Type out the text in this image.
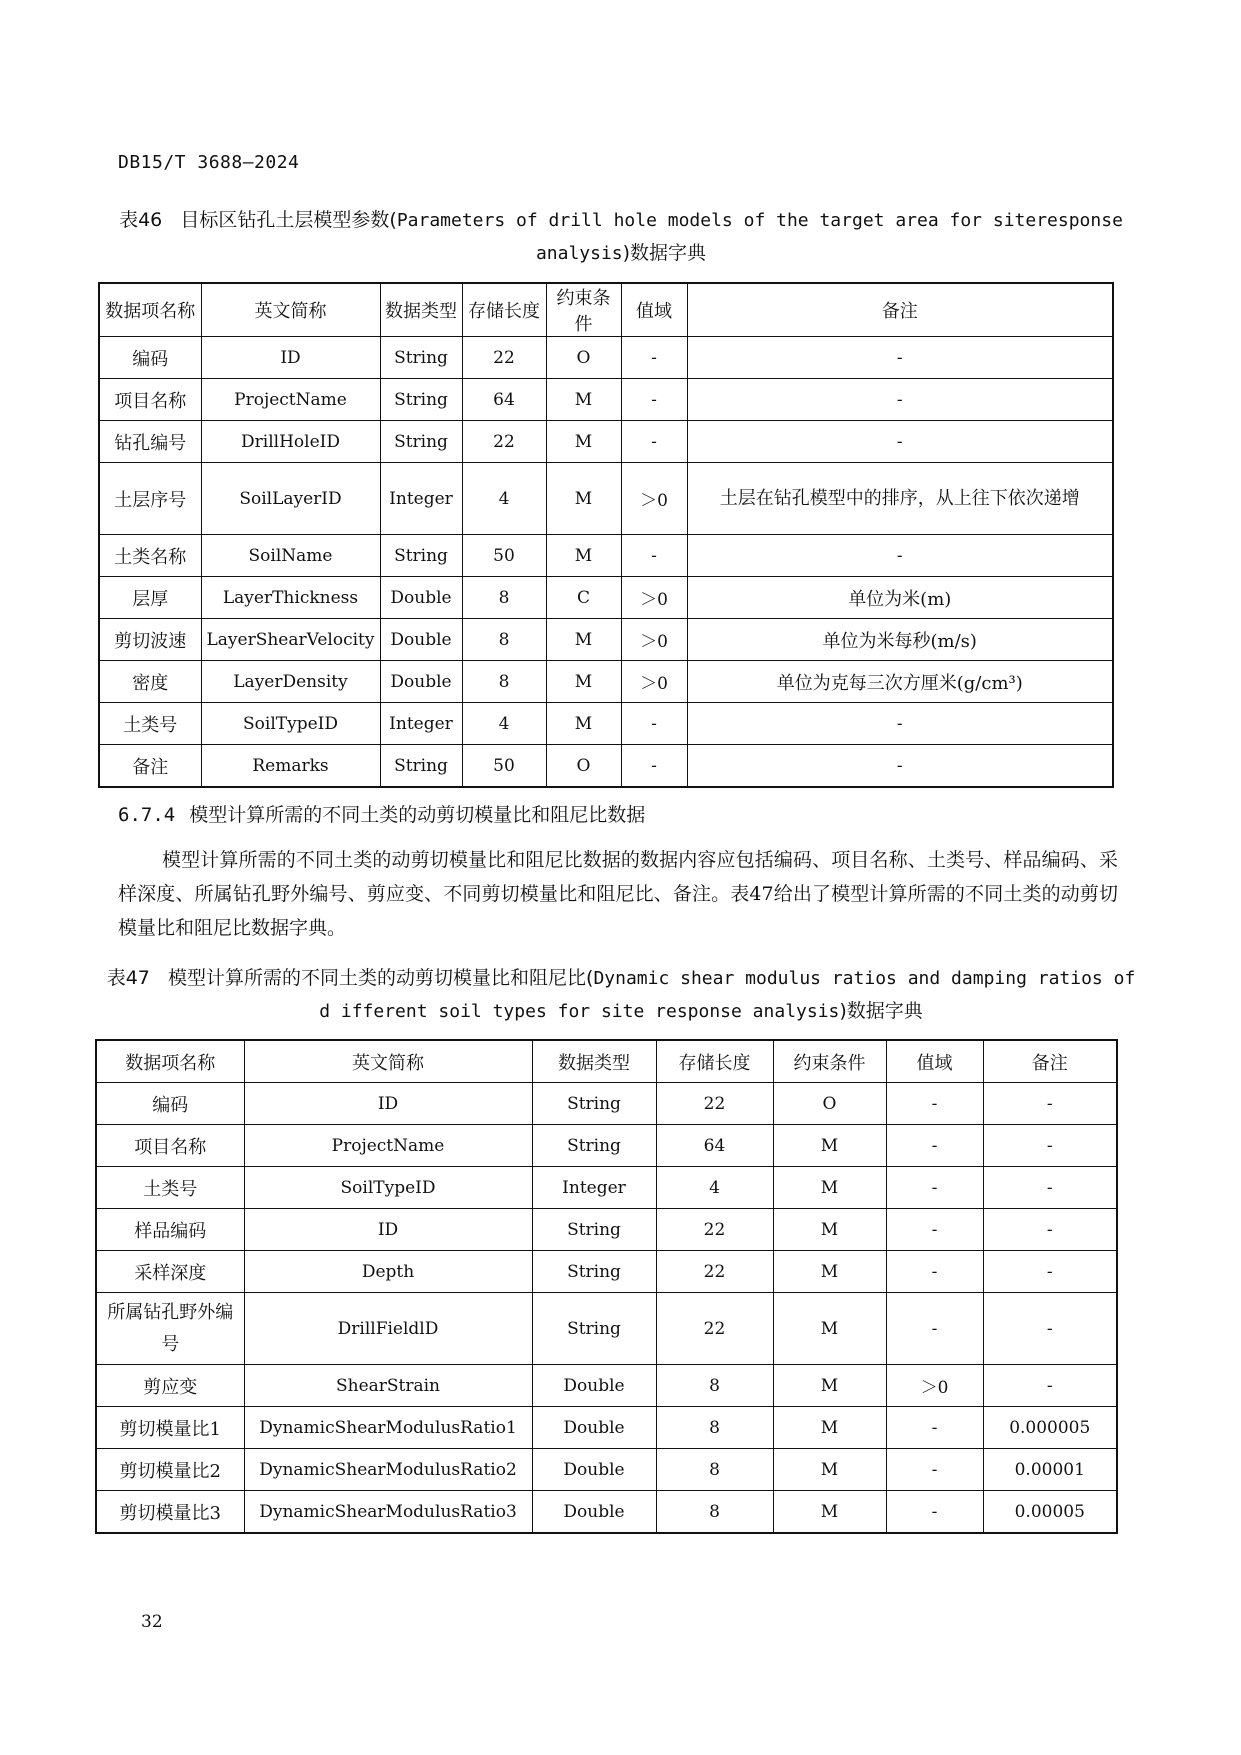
DB15/T 3688—2024
表46 目标区钻孔土层模型参数(Parameters of drill hole models of the target area for siteresponse analysis)数据字典
数据项名称	英文简称	数据类型	存储长度	约束条件	值域	备注
编码	ID	String	22	O	-	-
项目名称	ProjectName	String	64	M	-	-
钻孔编号	DrillHoleID	String	22	M	-	-
土层序号	SoilLayerID	Integer	4	M	＞0	土层在钻孔模型中的排序，从上往下依次递增
土类名称	SoilName	String	50	M	-	-
层厚	LayerThickness	Double	8	C	＞0	单位为米(m)
剪切波速	LayerShearVelocity	Double	8	M	＞0	单位为米每秒(m/s)
密度	LayerDensity	Double	8	M	＞0	单位为克每三次方厘米(g/cm³)
土类号	SoilTypeID	Integer	4	M	-	-
备注	Remarks	String	50	O	-	-
6.7.4 模型计算所需的不同土类的动剪切模量比和阻尼比数据
模型计算所需的不同土类的动剪切模量比和阻尼比数据的数据内容应包括编码、项目名称、土类号、样品编码、采样深度、所属钻孔野外编号、剪应变、不同剪切模量比和阻尼比、备注。表47给出了模型计算所需的不同土类的动剪切模量比和阻尼比数据字典。
表47 模型计算所需的不同土类的动剪切模量比和阻尼比(Dynamic shear modulus ratios and damping ratios of d ifferent soil types for site response analysis)数据字典
数据项名称	英文简称	数据类型	存储长度	约束条件	值域	备注
编码	ID	String	22	O	-	-
项目名称	ProjectName	String	64	M	-	-
土类号	SoilTypeID	Integer	4	M	-	-
样品编码	ID	String	22	M	-	-
采样深度	Depth	String	22	M	-	-
所属钻孔野外编号	DrillFieldlD	String	22	M	-	-
剪应变	ShearStrain	Double	8	M	＞0	-
剪切模量比1	DynamicShearModulusRatio1	Double	8	M	-	0.000005
剪切模量比2	DynamicShearModulusRatio2	Double	8	M	-	0.00001
剪切模量比3	DynamicShearModulusRatio3	Double	8	M	-	0.00005
32
